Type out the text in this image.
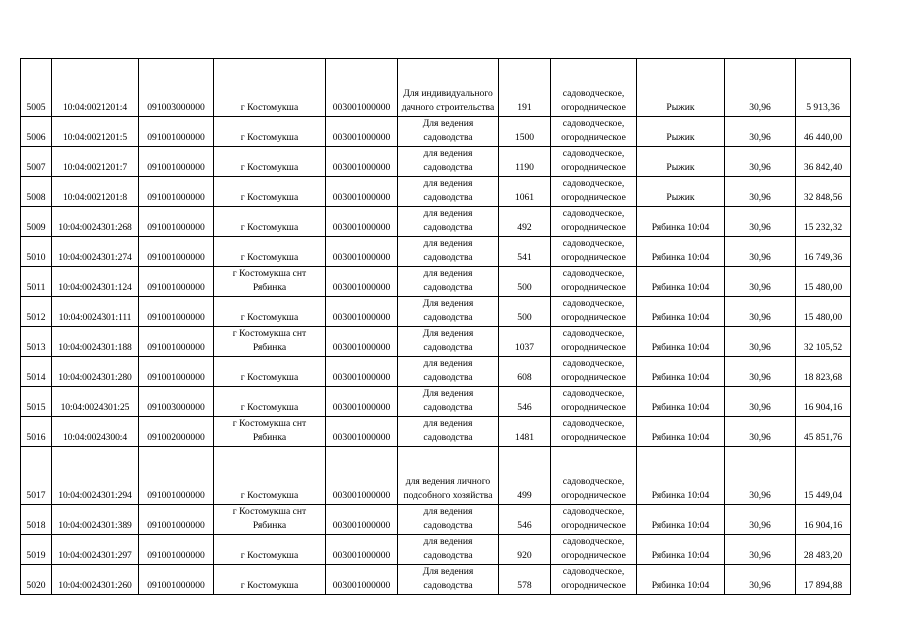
5005	10:04:0021201:4	091003000000	г Костомукша	003001000000	Для индивидуального дачного строительства	191	садоводческое, огородническое	Рыжик	30,96	5 913,36
5006	10:04:0021201:5	091001000000	г Костомукша	003001000000	Для ведения садоводства	1500	садоводческое, огородническое	Рыжик	30,96	46 440,00
5007	10:04:0021201:7	091001000000	г Костомукша	003001000000	для ведения садоводства	1190	садоводческое, огородническое	Рыжик	30,96	36 842,40
5008	10:04:0021201:8	091001000000	г Костомукша	003001000000	для ведения садоводства	1061	садоводческое, огородническое	Рыжик	30,96	32 848,56
5009	10:04:0024301:268	091001000000	г Костомукша	003001000000	для ведения садоводства	492	садоводческое, огородническое	Рябинка 10:04	30,96	15 232,32
5010	10:04:0024301:274	091001000000	г Костомукша	003001000000	для ведения садоводства	541	садоводческое, огородническое	Рябинка 10:04	30,96	16 749,36
5011	10:04:0024301:124	091001000000	г Костомукша снт Рябинка	003001000000	для ведения садоводства	500	садоводческое, огородническое	Рябинка 10:04	30,96	15 480,00
5012	10:04:0024301:111	091001000000	г Костомукша	003001000000	Для ведения садоводства	500	садоводческое, огородническое	Рябинка 10:04	30,96	15 480,00
5013	10:04:0024301:188	091001000000	г Костомукша снт Рябинка	003001000000	Для ведения садоводства	1037	садоводческое, огородническое	Рябинка 10:04	30,96	32 105,52
5014	10:04:0024301:280	091001000000	г Костомукша	003001000000	для ведения садоводства	608	садоводческое, огородническое	Рябинка 10:04	30,96	18 823,68
5015	10:04:0024301:25	091003000000	г Костомукша	003001000000	Для ведения садоводства	546	садоводческое, огородническое	Рябинка 10:04	30,96	16 904,16
5016	10:04:0024300:4	091002000000	г Костомукша снт Рябинка	003001000000	для ведения садоводства	1481	садоводческое, огородническое	Рябинка 10:04	30,96	45 851,76
5017	10:04:0024301:294	091001000000	г Костомукша	003001000000	для ведения личного подсобного хозяйства	499	садоводческое, огородническое	Рябинка 10:04	30,96	15 449,04
5018	10:04:0024301:389	091001000000	г Костомукша снт Рябинка	003001000000	для ведения садоводства	546	садоводческое, огородническое	Рябинка 10:04	30,96	16 904,16
5019	10:04:0024301:297	091001000000	г Костомукша	003001000000	для ведения садоводства	920	садоводческое, огородническое	Рябинка 10:04	30,96	28 483,20
5020	10:04:0024301:260	091001000000	г Костомукша	003001000000	Для ведения садоводства	578	садоводческое, огородническое	Рябинка 10:04	30,96	17 894,88
